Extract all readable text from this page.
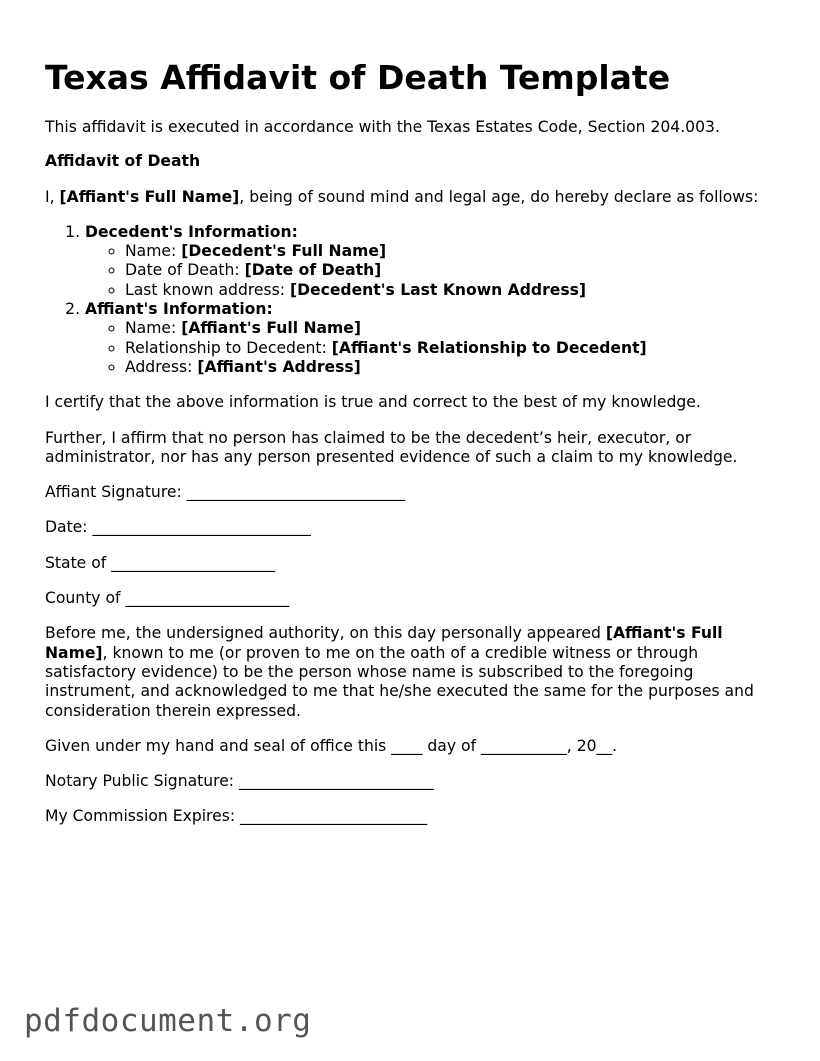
Texas Affidavit of Death Template

This affidavit is executed in accordance with the Texas Estates Code, Section 204.003.

Affidavit of Death

I, [Affiant's Full Name], being of sound mind and legal age, do hereby declare as follows:

1. Decedent's Information:
◦ Name: [Decedent's Full Name]
◦ Date of Death: [Date of Death]
◦ Last known address: [Decedent's Last Known Address]
2. Affiant's Information:
◦ Name: [Affiant's Full Name]
◦ Relationship to Decedent: [Affiant's Relationship to Decedent]
◦ Address: [Affiant's Address]

I certify that the above information is true and correct to the best of my knowledge.

Further, I affirm that no person has claimed to be the decedent’s heir, executor, or administrator, nor has any person presented evidence of such a claim to my knowledge.

Affiant Signature: ____________________________

Date: ____________________________

State of _____________________

County of _____________________

Before me, the undersigned authority, on this day personally appeared [Affiant's Full Name], known to me (or proven to me on the oath of a credible witness or through satisfactory evidence) to be the person whose name is subscribed to the foregoing instrument, and acknowledged to me that he/she executed the same for the purposes and consideration therein expressed.

Given under my hand and seal of office this ____ day of ___________, 20__.

Notary Public Signature: _________________________

My Commission Expires: ________________________

pdfdocument.org
